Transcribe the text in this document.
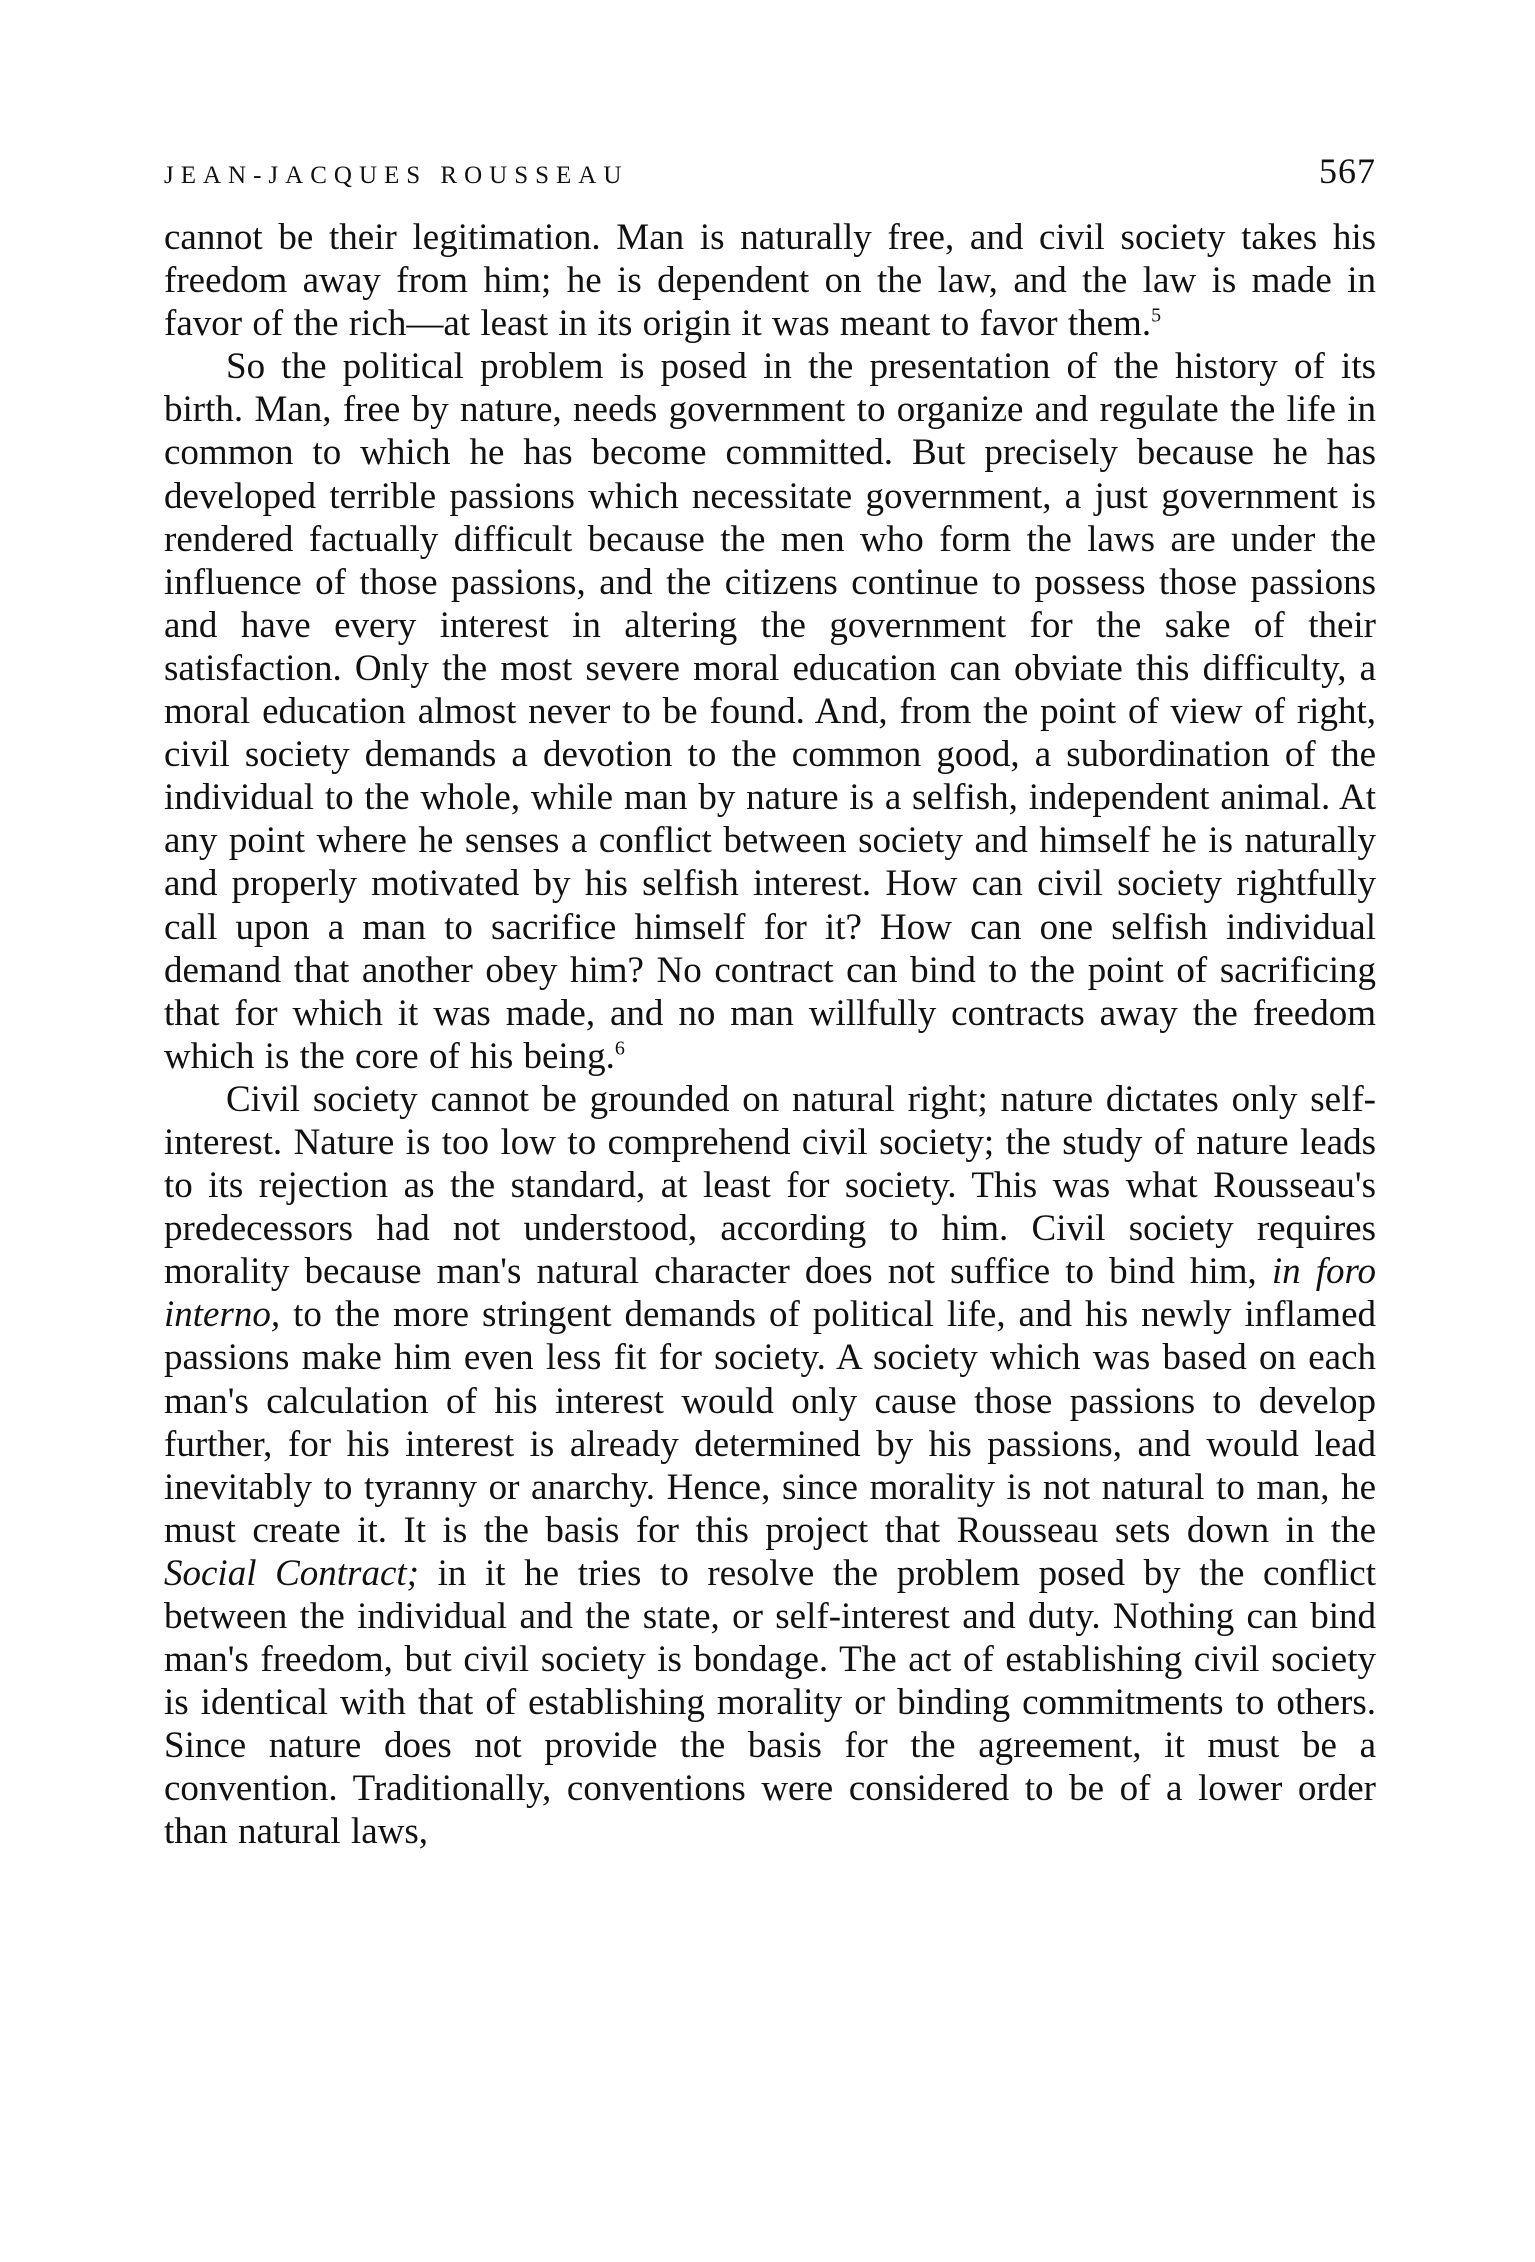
JEAN-JACQUES ROUSSEAU	567

cannot be their legitimation. Man is naturally free, and civil society takes his freedom away from him; he is dependent on the law, and the law is made in favor of the rich—at least in its origin it was meant to favor them.$^5$

So the political problem is posed in the presentation of the history of its birth. Man, free by nature, needs government to organize and regulate the life in common to which he has become committed. But precisely because he has developed terrible passions which necessitate government, a just government is rendered factually difficult because the men who form the laws are under the influence of those passions, and the citizens continue to possess those passions and have every interest in altering the government for the sake of their satisfaction. Only the most severe moral education can obviate this difficulty, a moral education almost never to be found. And, from the point of view of right, civil society demands a devotion to the common good, a subordination of the individual to the whole, while man by nature is a selfish, independent animal. At any point where he senses a conflict between society and himself he is naturally and properly motivated by his selfish interest. How can civil society rightfully call upon a man to sacrifice himself for it? How can one selfish individual demand that another obey him? No contract can bind to the point of sacrificing that for which it was made, and no man willfully contracts away the freedom which is the core of his being.$^6$

Civil society cannot be grounded on natural right; nature dictates only self-interest. Nature is too low to comprehend civil society; the study of nature leads to its rejection as the standard, at least for society. This was what Rousseau's predecessors had not understood, according to him. Civil society requires morality because man's natural character does not suffice to bind him, in foro interno, to the more stringent demands of political life, and his newly inflamed passions make him even less fit for society. A society which was based on each man's calculation of his interest would only cause those passions to develop further, for his interest is already determined by his passions, and would lead inevitably to tyranny or anarchy. Hence, since morality is not natural to man, he must create it. It is the basis for this project that Rousseau sets down in the Social Contract; in it he tries to resolve the problem posed by the conflict between the individual and the state, or self-interest and duty. Nothing can bind man's freedom, but civil society is bondage. The act of establishing civil society is identical with that of establishing morality or binding commitments to others. Since nature does not provide the basis for the agreement, it must be a convention. Traditionally, conventions were considered to be of a lower order than natural laws,
